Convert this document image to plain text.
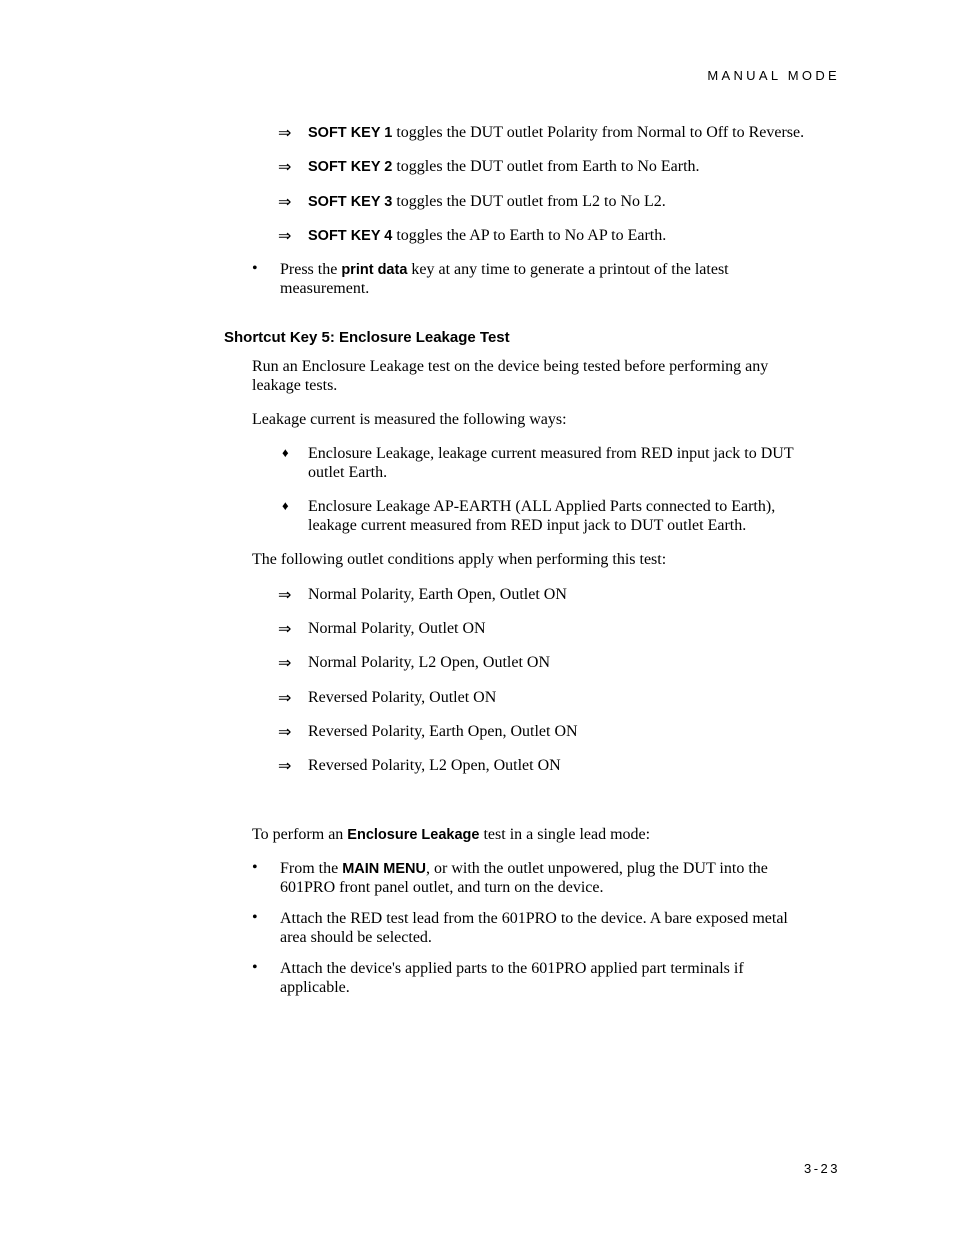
MANUAL MODE
⇒	SOFT KEY 1 toggles the DUT outlet Polarity from Normal to Off to Reverse.
⇒	SOFT KEY 2 toggles the DUT outlet from Earth to No Earth.
⇒	SOFT KEY 3 toggles the DUT outlet from L2 to No L2.
⇒	SOFT KEY 4 toggles the AP to Earth to No AP to Earth.
•	Press the print data key at any time to generate a printout of the latest
measurement.
Shortcut Key 5: Enclosure Leakage Test
Run an Enclosure Leakage test on the device being tested before performing any
leakage tests.
Leakage current is measured the following ways:
♦	Enclosure Leakage, leakage current measured from RED input jack to DUT
outlet Earth.
♦	Enclosure Leakage AP-EARTH (ALL Applied Parts connected to Earth),
leakage current measured from RED input jack to DUT outlet Earth.
The following outlet conditions apply when performing this test:
⇒	Normal Polarity, Earth Open, Outlet ON
⇒	Normal Polarity, Outlet ON
⇒	Normal Polarity, L2 Open, Outlet ON
⇒	Reversed Polarity, Outlet ON
⇒	Reversed Polarity, Earth Open, Outlet ON
⇒	Reversed Polarity, L2 Open, Outlet ON
To perform an Enclosure Leakage test in a single lead mode:
•	From the MAIN MENU, or with the outlet unpowered, plug the DUT into the
601PRO front panel outlet, and turn on the device.
•	Attach the RED test lead from the 601PRO to the device. A bare exposed metal
area should be selected.
•	Attach the device's applied parts to the 601PRO applied part terminals if
applicable.
3-23
